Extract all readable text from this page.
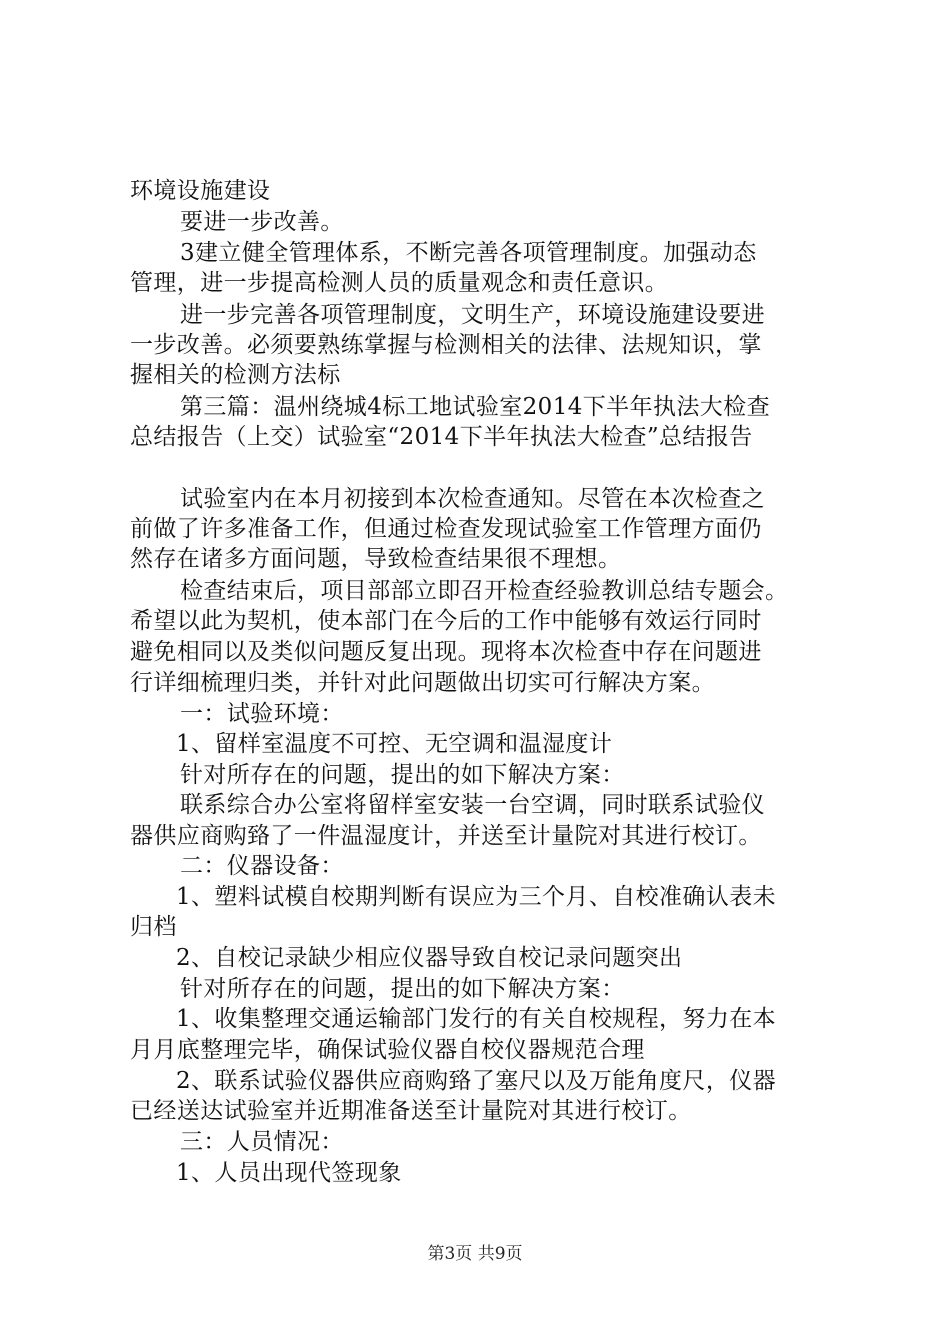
环境设施建设
要进一步改善。
3建立健全管理体系，不断完善各项管理制度。加强动态
管理，进一步提高检测人员的质量观念和责任意识。
进一步完善各项管理制度，文明生产，环境设施建设要进
一步改善。必须要熟练掌握与检测相关的法律、法规知识，掌
握相关的检测方法标
第三篇：温州绕城4标工地试验室2014下半年执法大检查
总结报告（上交）试验室“2014下半年执法大检查”总结报告
试验室内在本月初接到本次检查通知。尽管在本次检查之
前做了许多准备工作，但通过检查发现试验室工作管理方面仍
然存在诸多方面问题，导致检查结果很不理想。
检查结束后，项目部部立即召开检查经验教训总结专题会。
希望以此为契机，使本部门在今后的工作中能够有效运行同时
避免相同以及类似问题反复出现。现将本次检查中存在问题进
行详细梳理归类，并针对此问题做出切实可行解决方案。
一：试验环境：
1、留样室温度不可控、无空调和温湿度计
针对所存在的问题，提出的如下解决方案：
联系综合办公室将留样室安装一台空调，同时联系试验仪
器供应商购臵了一件温湿度计，并送至计量院对其进行校订。
二：仪器设备：
1、塑料试模自校期判断有误应为三个月、自校准确认表未
归档
2、自校记录缺少相应仪器导致自校记录问题突出
针对所存在的问题，提出的如下解决方案：
1、收集整理交通运输部门发行的有关自校规程，努力在本
月月底整理完毕，确保试验仪器自校仪器规范合理
2、联系试验仪器供应商购臵了塞尺以及万能角度尺，仪器
已经送达试验室并近期准备送至计量院对其进行校订。
三：人员情况：
1、人员出现代签现象
第3页 共9页
